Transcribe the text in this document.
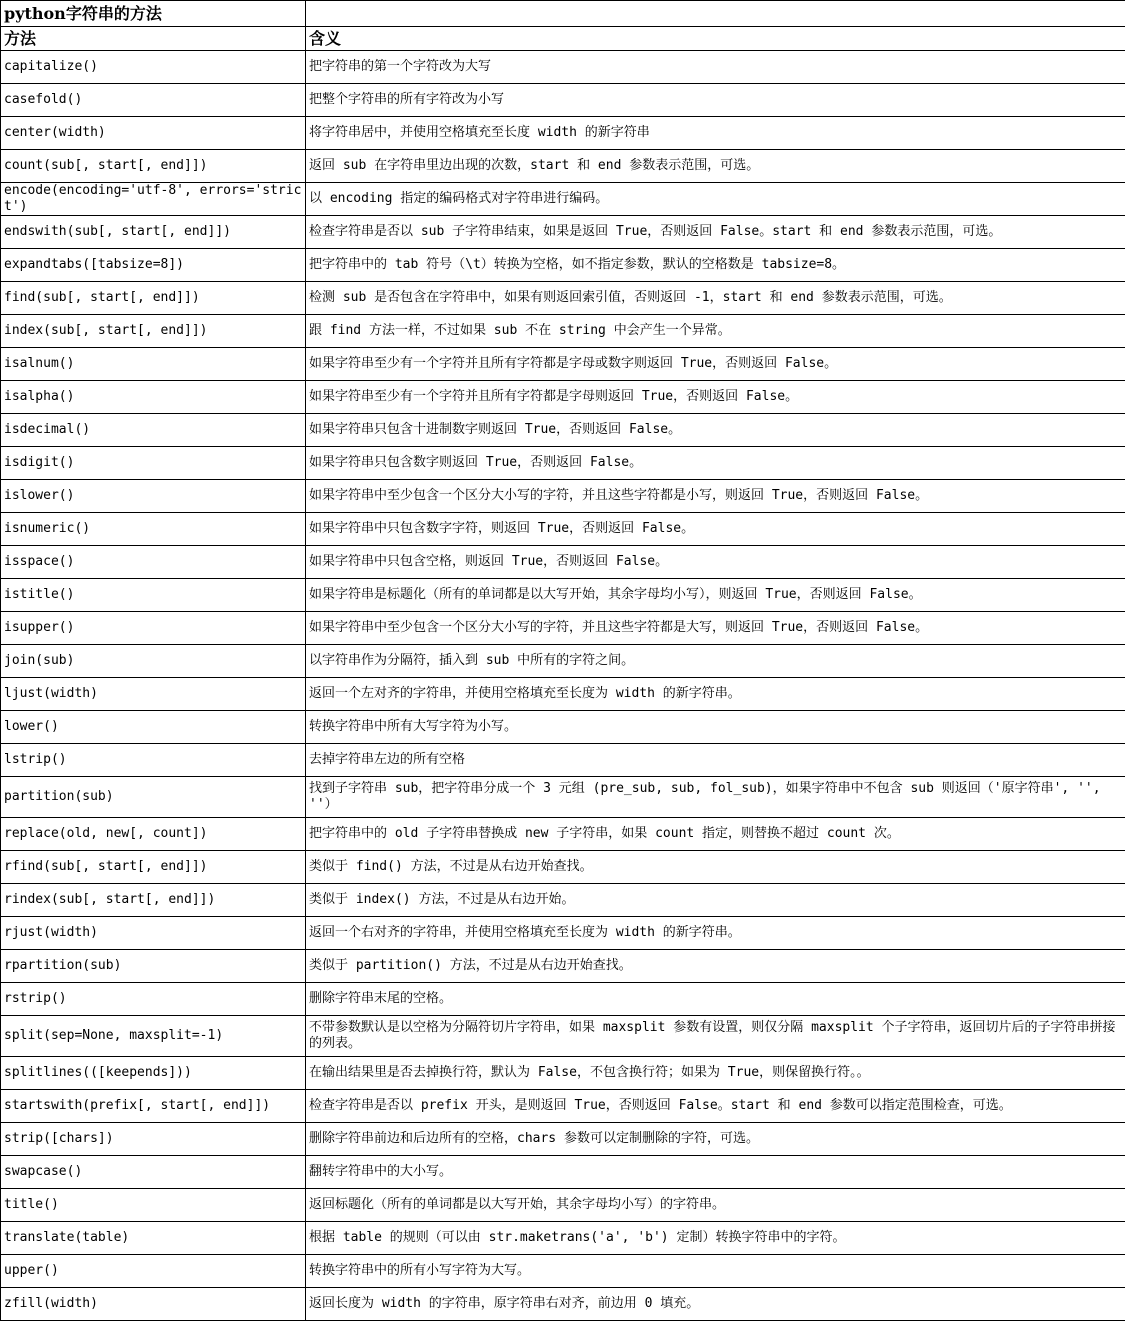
python字符串的方法	
方法	含义
capitalize()	把字符串的第一个字符改为大写
casefold()	把整个字符串的所有字符改为小写
center(width)	将字符串居中，并使用空格填充至长度 width 的新字符串
count(sub[, start[, end]])	返回 sub 在字符串里边出现的次数，start 和 end 参数表示范围，可选。
encode(encoding='utf-8', errors='strict')	以 encoding 指定的编码格式对字符串进行编码。
endswith(sub[, start[, end]])	检查字符串是否以 sub 子字符串结束，如果是返回 True，否则返回 False。start 和 end 参数表示范围，可选。
expandtabs([tabsize=8])	把字符串中的 tab 符号（\t）转换为空格，如不指定参数，默认的空格数是 tabsize=8。
find(sub[, start[, end]])	检测 sub 是否包含在字符串中，如果有则返回索引值，否则返回 -1，start 和 end 参数表示范围，可选。
index(sub[, start[, end]])	跟 find 方法一样，不过如果 sub 不在 string 中会产生一个异常。
isalnum()	如果字符串至少有一个字符并且所有字符都是字母或数字则返回 True，否则返回 False。
isalpha()	如果字符串至少有一个字符并且所有字符都是字母则返回 True，否则返回 False。
isdecimal()	如果字符串只包含十进制数字则返回 True，否则返回 False。
isdigit()	如果字符串只包含数字则返回 True，否则返回 False。
islower()	如果字符串中至少包含一个区分大小写的字符，并且这些字符都是小写，则返回 True，否则返回 False。
isnumeric()	如果字符串中只包含数字字符，则返回 True，否则返回 False。
isspace()	如果字符串中只包含空格，则返回 True，否则返回 False。
istitle()	如果字符串是标题化（所有的单词都是以大写开始，其余字母均小写），则返回 True，否则返回 False。
isupper()	如果字符串中至少包含一个区分大小写的字符，并且这些字符都是大写，则返回 True，否则返回 False。
join(sub)	以字符串作为分隔符，插入到 sub 中所有的字符之间。
ljust(width)	返回一个左对齐的字符串，并使用空格填充至长度为 width 的新字符串。
lower()	转换字符串中所有大写字符为小写。
lstrip()	去掉字符串左边的所有空格
partition(sub)	找到子字符串 sub，把字符串分成一个 3 元组 (pre_sub, sub, fol_sub)，如果字符串中不包含 sub 则返回（'原字符串', '', ''）
replace(old, new[, count])	把字符串中的 old 子字符串替换成 new 子字符串，如果 count 指定，则替换不超过 count 次。
rfind(sub[, start[, end]])	类似于 find() 方法，不过是从右边开始查找。
rindex(sub[, start[, end]])	类似于 index() 方法，不过是从右边开始。
rjust(width)	返回一个右对齐的字符串，并使用空格填充至长度为 width 的新字符串。
rpartition(sub)	类似于 partition() 方法，不过是从右边开始查找。
rstrip()	删除字符串末尾的空格。
split(sep=None, maxsplit=-1)	不带参数默认是以空格为分隔符切片字符串，如果 maxsplit 参数有设置，则仅分隔 maxsplit 个子字符串，返回切片后的子字符串拼接的列表。
splitlines(([keepends]))	在输出结果里是否去掉换行符，默认为 False，不包含换行符；如果为 True，则保留换行符。。
startswith(prefix[, start[, end]])	检查字符串是否以 prefix 开头，是则返回 True，否则返回 False。start 和 end 参数可以指定范围检查，可选。
strip([chars])	删除字符串前边和后边所有的空格，chars 参数可以定制删除的字符，可选。
swapcase()	翻转字符串中的大小写。
title()	返回标题化（所有的单词都是以大写开始，其余字母均小写）的字符串。
translate(table)	根据 table 的规则（可以由 str.maketrans('a', 'b') 定制）转换字符串中的字符。
upper()	转换字符串中的所有小写字符为大写。
zfill(width)	返回长度为 width 的字符串，原字符串右对齐，前边用 0 填充。
